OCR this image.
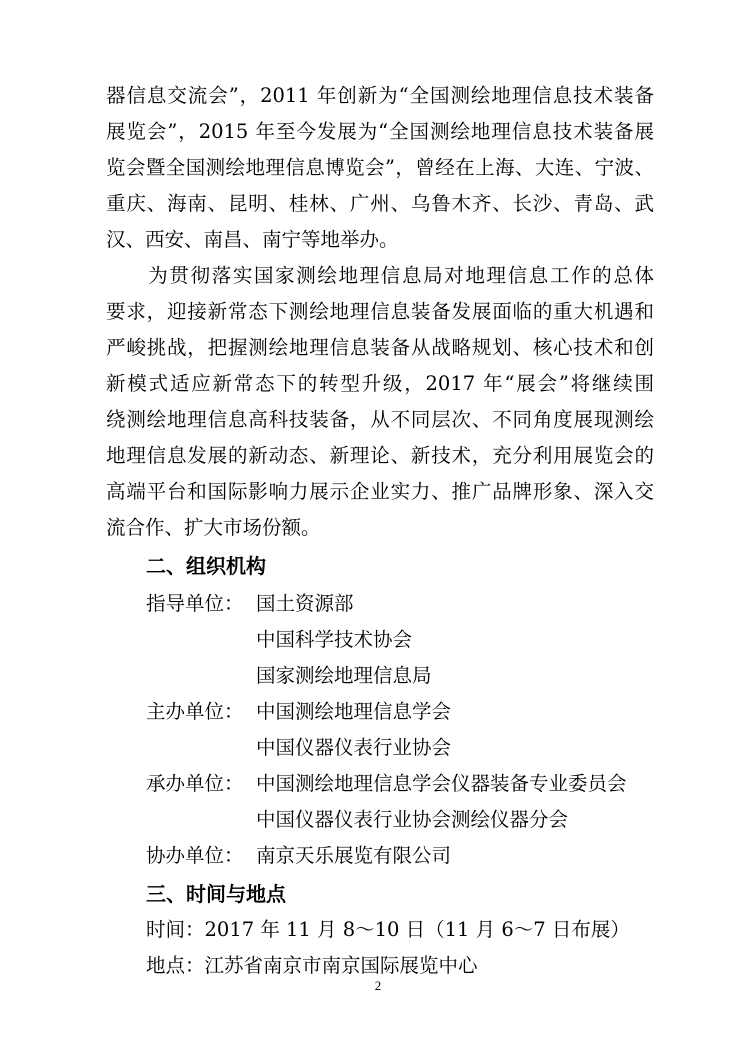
器信息交流会”，2011 年创新为“全国测绘地理信息技术装备
展览会”，2015 年至今发展为“全国测绘地理信息技术装备展
览会暨全国测绘地理信息博览会”，曾经在上海、大连、宁波、
重庆、海南、昆明、桂林、广州、乌鲁木齐、长沙、青岛、武
汉、西安、南昌、南宁等地举办。
　　为贯彻落实国家测绘地理信息局对地理信息工作的总体
要求，迎接新常态下测绘地理信息装备发展面临的重大机遇和
严峻挑战，把握测绘地理信息装备从战略规划、核心技术和创
新模式适应新常态下的转型升级，2017 年“展会”将继续围
绕测绘地理信息高科技装备，从不同层次、不同角度展现测绘
地理信息发展的新动态、新理论、新技术，充分利用展览会的
高端平台和国际影响力展示企业实力、推广品牌形象、深入交
流合作、扩大市场份额。
二、组织机构
指导单位： 国土资源部
中国科学技术协会
国家测绘地理信息局
主办单位： 中国测绘地理信息学会
中国仪器仪表行业协会
承办单位： 中国测绘地理信息学会仪器装备专业委员会
中国仪器仪表行业协会测绘仪器分会
协办单位： 南京天乐展览有限公司
三、时间与地点
时间：2017 年 11 月 8～10 日（11 月 6～7 日布展）
地点：江苏省南京市南京国际展览中心
2
